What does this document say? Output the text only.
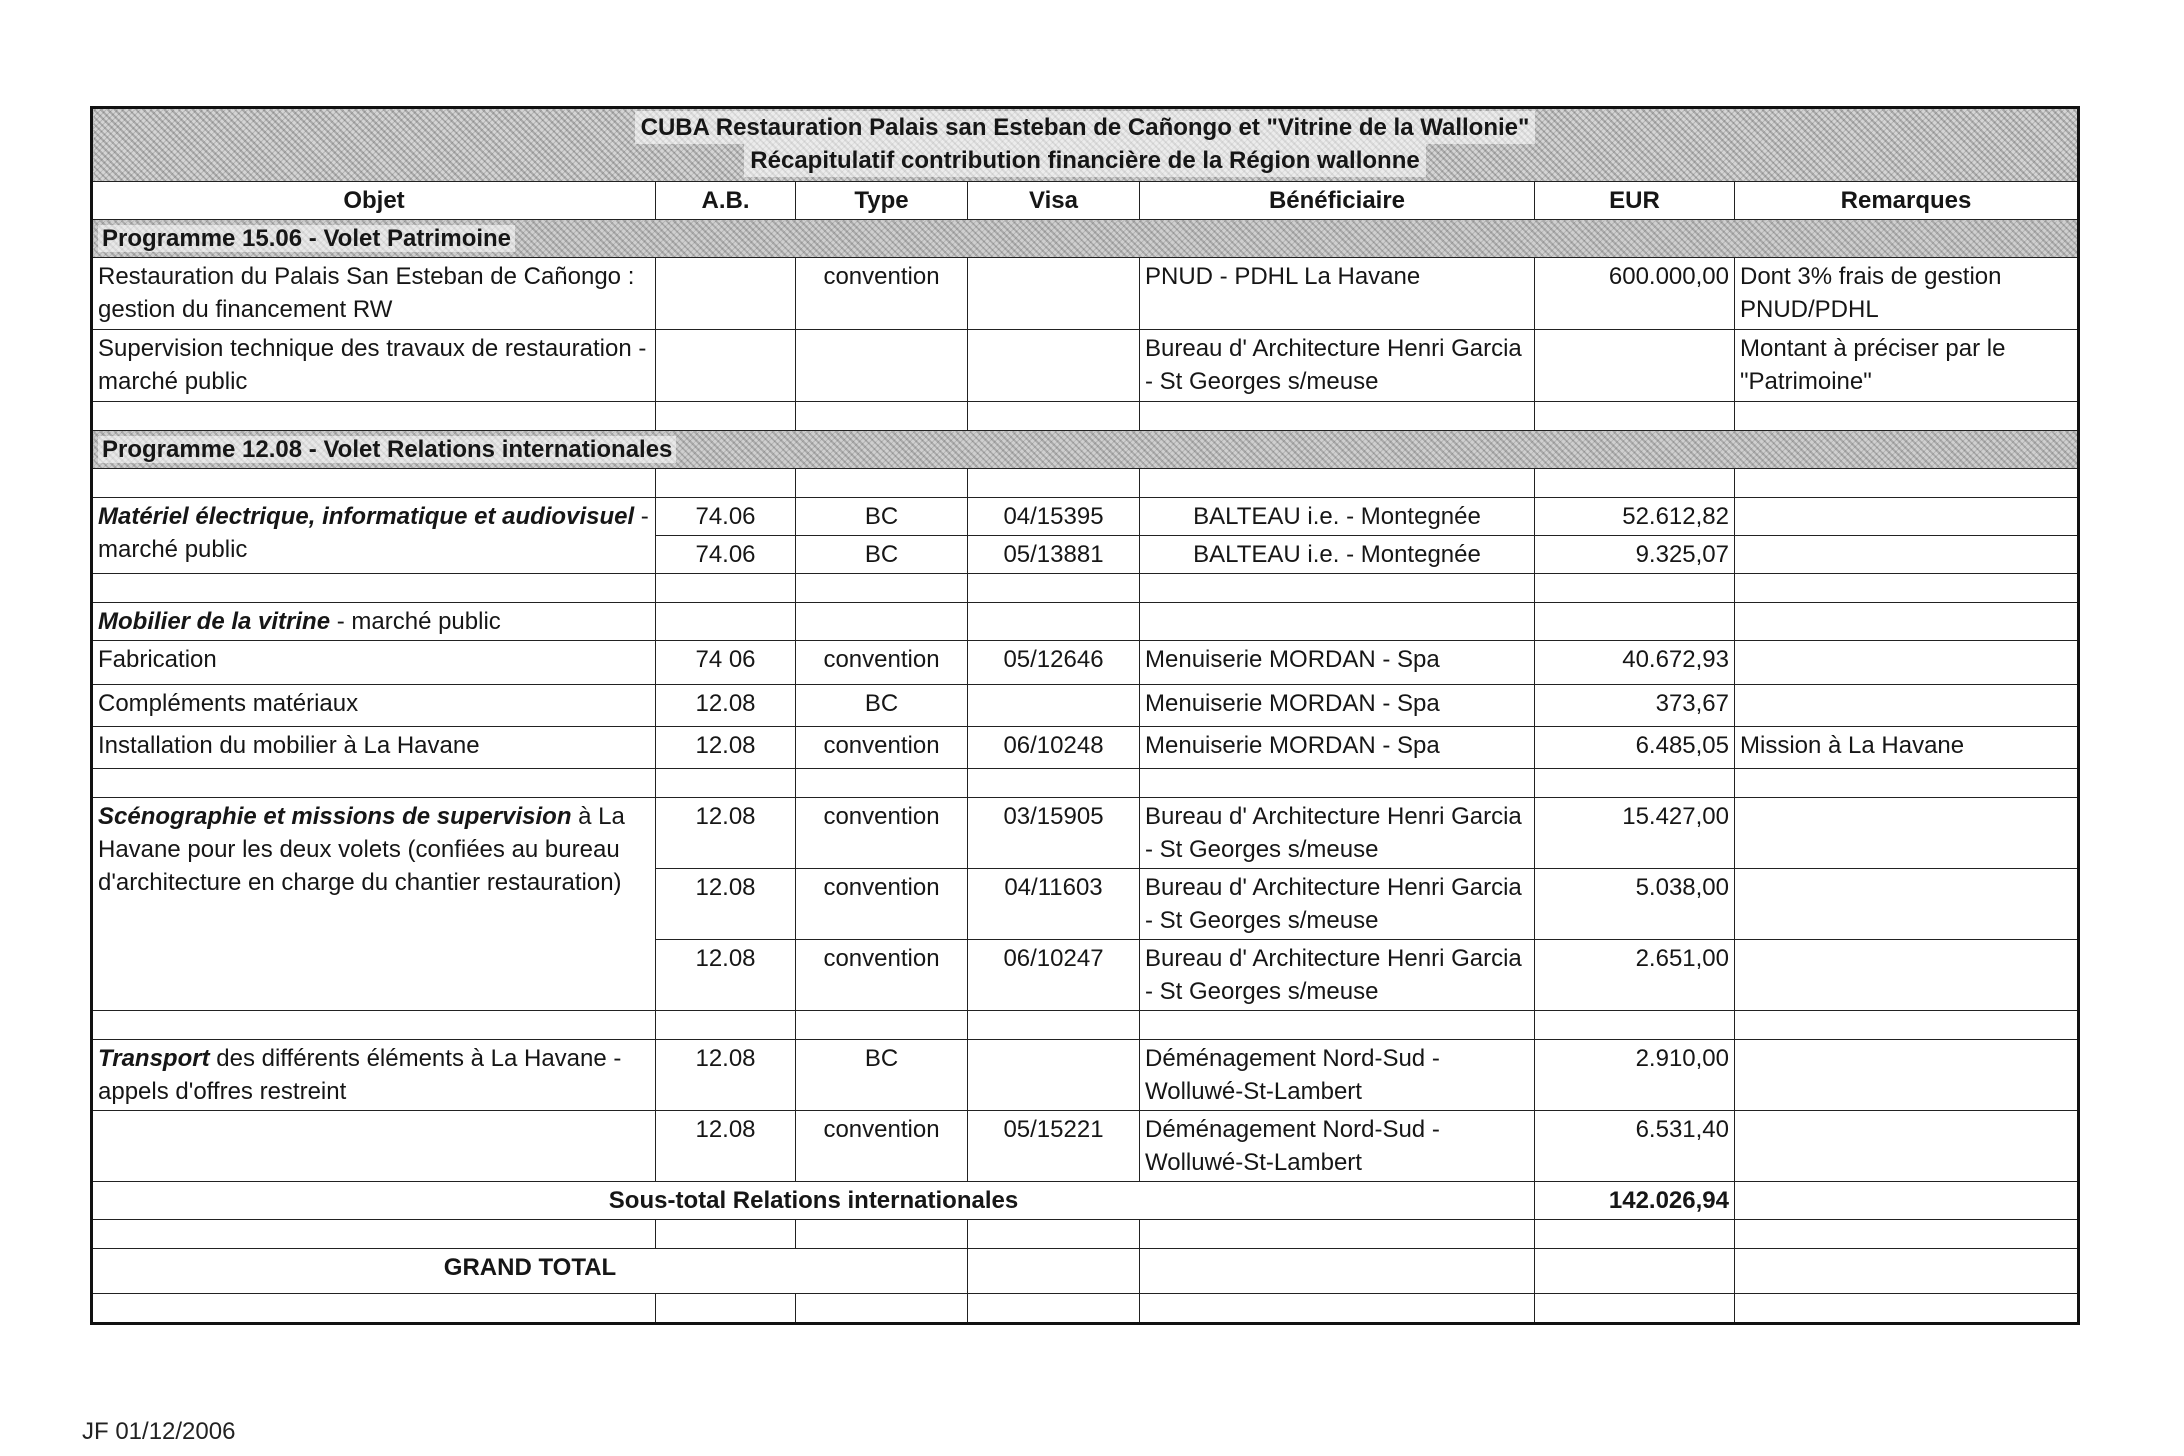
CUBA Restauration Palais san Esteban de Cañongo et "Vitrine de la Wallonie"
Récapitulatif contribution financière de la Région wallonne						

Objet	A.B.	Type	Visa	Bénéficiaire	EUR	Remarques
Programme 15.06 - Volet Patrimoine						
Restauration du Palais San Esteban de Cañongo : gestion du financement RW		convention		PNUD - PDHL La Havane	600.000,00	Dont 3% frais de gestion PNUD/PDHL
Supervision technique des travaux de restauration - marché public				Bureau d' Architecture Henri Garcia - St Georges s/meuse		Montant à préciser par le "Patrimoine"

Programme 12.08 - Volet Relations internationales						

Matériel électrique, informatique et audiovisuel - marché public	74.06	BC	04/15395	BALTEAU i.e. - Montegnée	52.612,82	
	74.06	BC	05/13881	BALTEAU i.e. - Montegnée	9.325,07	

Mobilier de la vitrine - marché public						
Fabrication	74 06	convention	05/12646	Menuiserie MORDAN - Spa	40.672,93	
Compléments matériaux	12.08	BC		Menuiserie MORDAN - Spa	373,67	
Installation du mobilier à La Havane	12.08	convention	06/10248	Menuiserie MORDAN - Spa	6.485,05	Mission à La Havane

Scénographie et missions de supervision à La Havane pour les deux volets (confiées au bureau d'architecture en charge du chantier restauration)	12.08	convention	03/15905	Bureau d' Architecture Henri Garcia - St Georges s/meuse	15.427,00	
	12.08	convention	04/11603	Bureau d' Architecture Henri Garcia - St Georges s/meuse	5.038,00	
	12.08	convention	06/10247	Bureau d' Architecture Henri Garcia - St Georges s/meuse	2.651,00	

Transport des différents éléments à La Havane - appels d'offres restreint	12.08	BC		Déménagement Nord-Sud - Wolluwé-St-Lambert	2.910,00	
	12.08	convention	05/15221	Déménagement Nord-Sud - Wolluwé-St-Lambert	6.531,40	
Sous-total Relations internationales					142.026,94	

GRAND TOTAL						

JF 01/12/2006
